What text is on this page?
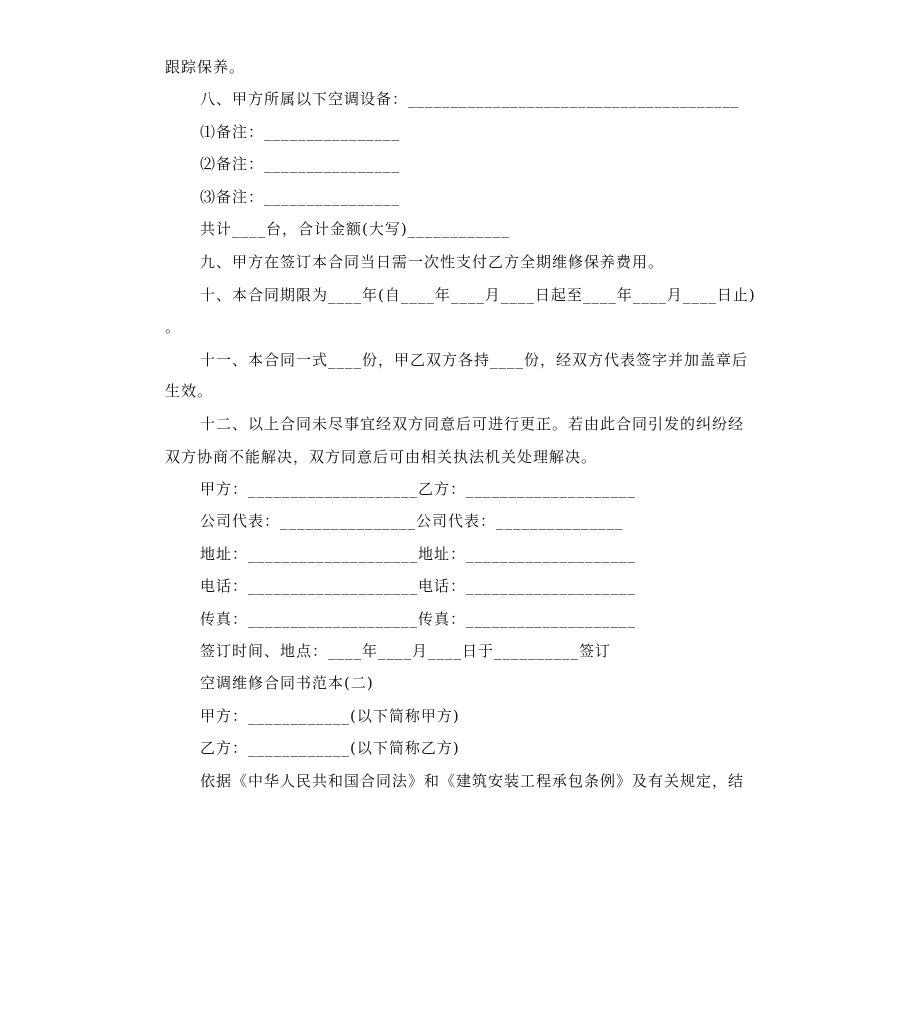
跟踪保养。
八、甲方所属以下空调设备：_______________________________________
⑴备注：________________
⑵备注：________________
⑶备注：________________
共计____台，合计金额(大写)____________
九、甲方在签订本合同当日需一次性支付乙方全期维修保养费用。
十、本合同期限为____年(自____年____月____日起至____年____月____日止)
。
十一、本合同一式____份，甲乙双方各持____份，经双方代表签字并加盖章后
生效。
十二、以上合同未尽事宜经双方同意后可进行更正。若由此合同引发的纠纷经
双方协商不能解决，双方同意后可由相关执法机关处理解决。
甲方：____________________乙方：____________________
公司代表：________________公司代表：_______________
地址：____________________地址：____________________
电话：____________________电话：____________________
传真：____________________传真：____________________
签订时间、地点：____年____月____日于__________签订
空调维修合同书范本(二)
甲方：____________(以下简称甲方)
乙方：____________(以下简称乙方)
依据《中华人民共和国合同法》和《建筑安装工程承包条例》及有关规定，结
